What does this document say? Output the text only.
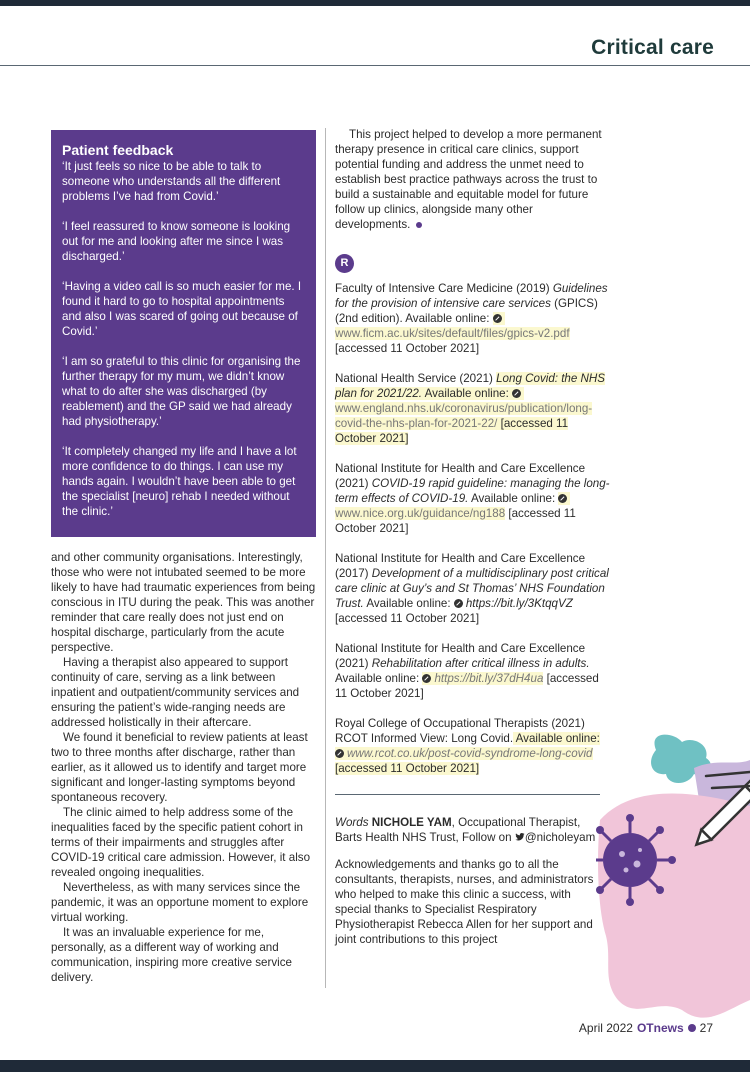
Critical care
Patient feedback

‘It just feels so nice to be able to talk to someone who understands all the different problems I’ve had from Covid.’

‘I feel reassured to know someone is looking out for me and looking after me since I was discharged.’

‘Having a video call is so much easier for me. I found it hard to go to hospital appointments and also I was scared of going out because of Covid.’

‘I am so grateful to this clinic for organising the further therapy for my mum, we didn’t know what to do after she was discharged (by reablement) and the GP said we had already had physiotherapy.’

‘It completely changed my life and I have a lot more confidence to do things. I can use my hands again. I wouldn’t have been able to get the specialist [neuro] rehab I needed without the clinic.’

and other community organisations. Interestingly, those who were not intubated seemed to be more likely to have had traumatic experiences from being conscious in ITU during the peak. This was another reminder that care really does not just end on hospital discharge, particularly from the acute perspective.

Having a therapist also appeared to support continuity of care, serving as a link between inpatient and outpatient/community services and ensuring the patient’s wide-ranging needs are addressed holistically in their aftercare.

We found it beneficial to review patients at least two to three months after discharge, rather than earlier, as it allowed us to identify and target more significant and longer-lasting symptoms beyond spontaneous recovery.

The clinic aimed to help address some of the inequalities faced by the specific patient cohort in terms of their impairments and struggles after COVID-19 critical care admission. However, it also revealed ongoing inequalities.

Nevertheless, as with many services since the pandemic, it was an opportune moment to explore virtual working.

It was an invaluable experience for me, personally, as a different way of working and communication, inspiring more creative service delivery.

This project helped to develop a more permanent therapy presence in critical care clinics, support potential funding and address the unmet need to establish best practice pathways across the trust to build a sustainable and equitable model for future follow up clinics, alongside many other developments.

R

Faculty of Intensive Care Medicine (2019) Guidelines for the provision of intensive care services (GPICS) (2nd edition). Available online: www.ficm.ac.uk/sites/default/files/gpics-v2.pdf [accessed 11 October 2021]

National Health Service (2021) Long Covid: the NHS plan for 2021/22. Available online: www.england.nhs.uk/coronavirus/publication/long-covid-the-nhs-plan-for-2021-22/ [accessed 11 October 2021]

National Institute for Health and Care Excellence (2021) COVID-19 rapid guideline: managing the long-term effects of COVID-19. Available online: www.nice.org.uk/guidance/ng188 [accessed 11 October 2021]

National Institute for Health and Care Excellence (2017) Development of a multidisciplinary post critical care clinic at Guy’s and St Thomas’ NHS Foundation Trust. Available online: https://bit.ly/3KtqqVZ [accessed 11 October 2021]

National Institute for Health and Care Excellence (2021) Rehabilitation after critical illness in adults. Available online: https://bit.ly/37dH4ua [accessed 11 October 2021]

Royal College of Occupational Therapists (2021) RCOT Informed View: Long Covid. Available online: www.rcot.co.uk/post-covid-syndrome-long-covid [accessed 11 October 2021]

Words NICHOLE YAM, Occupational Therapist, Barts Health NHS Trust, Follow on @nicholeyam

Acknowledgements and thanks go to all the consultants, therapists, nurses, and administrators who helped to make this clinic a success, with special thanks to Specialist Respiratory Physiotherapist Rebecca Allen for her support and joint contributions to this project

April 2022 OTnews 27
